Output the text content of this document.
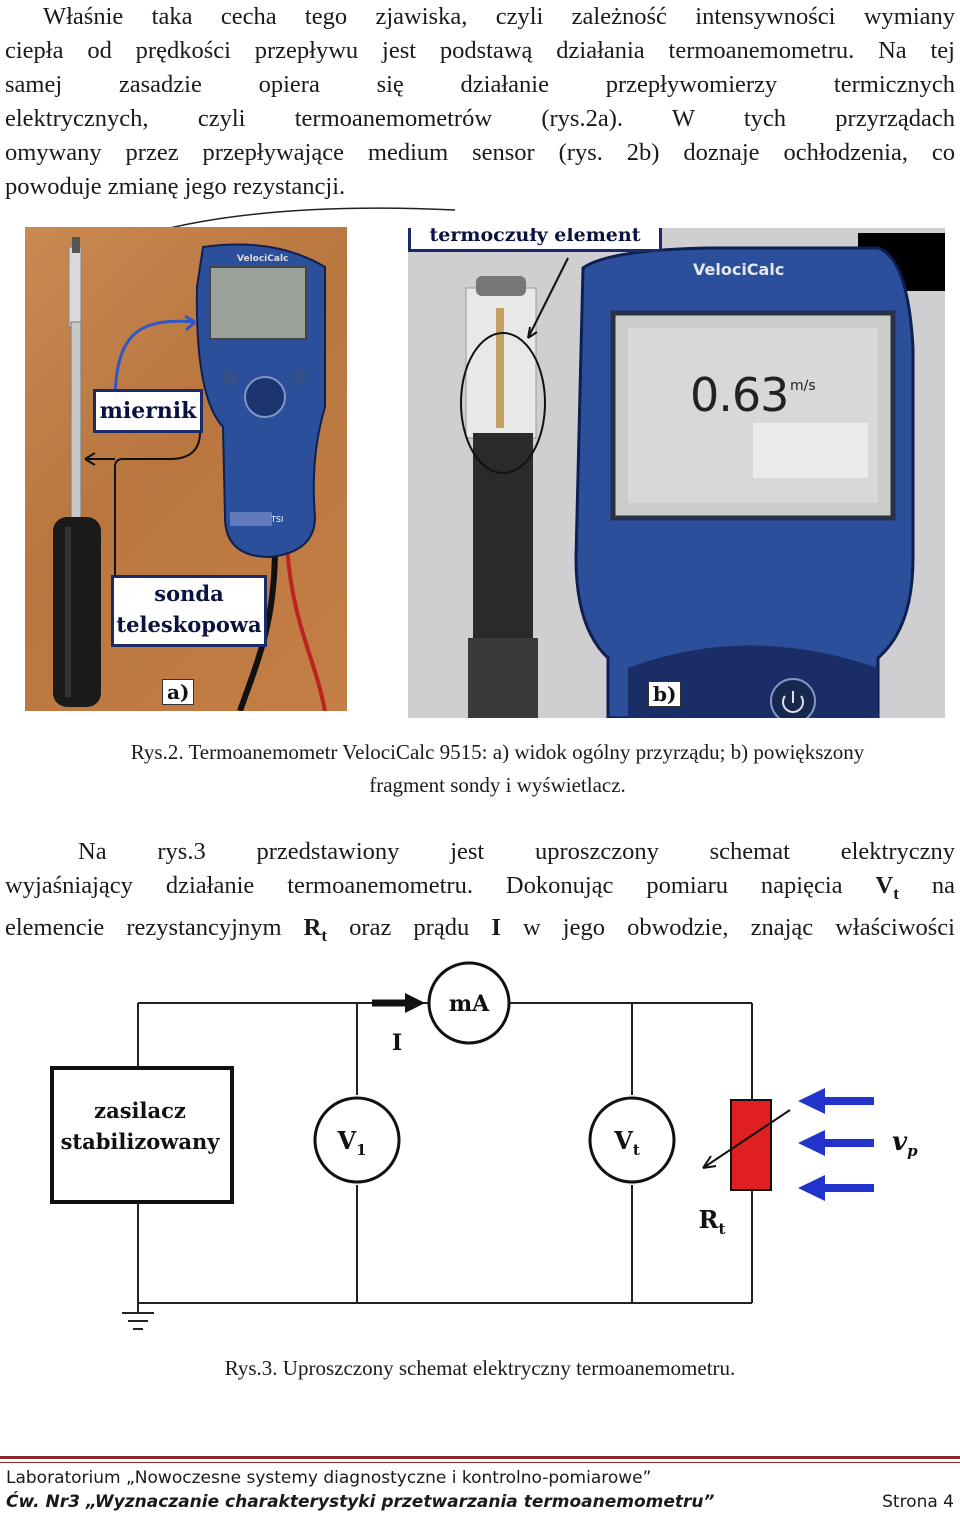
Właśnie taka cecha tego zjawiska, czyli zależność intensywności wymiany
ciepła od prędkości przepływu jest podstawą działania termoanemometru. Na tej
samej zasadzie opiera się działanie przepływomierzy termicznych
elektrycznych, czyli termoanemometrów (rys.2a). W tych przyrządach
omywany przez przepływające medium sensor (rys. 2b) doznaje ochłodzenia, co
powoduje zmianę jego rezystancji.
VelociCalc
TSI
miernik
sonda
teleskopowa
a)
VelociCalc
0.63 m/s
termoczuły element
b)
Rys.2. Termoanemometr VelociCalc 9515: a) widok ogólny przyrządu; b) powiększony
fragment sondy i wyświetlacz.
Na rys.3 przedstawiony jest uproszczony schemat elektryczny
wyjaśniający działanie termoanemometru. Dokonując pomiaru napięcia $V_t$ na
elemencie rezystancyjnym $R_t$ oraz prądu I w jego obwodzie, znając właściwości
zasilacz
stabilizowany
mA
I
$V_1$	$V_t$
$R_t$
$v_p$
Rys.3. Uproszczony schemat elektryczny termoanemometru.
Laboratorium „Nowoczesne systemy diagnostyczne i kontrolno-pomiarowe”
Ćw. Nr3 „Wyznaczanie charakterystyki przetwarzania termoanemometru”	Strona 4
